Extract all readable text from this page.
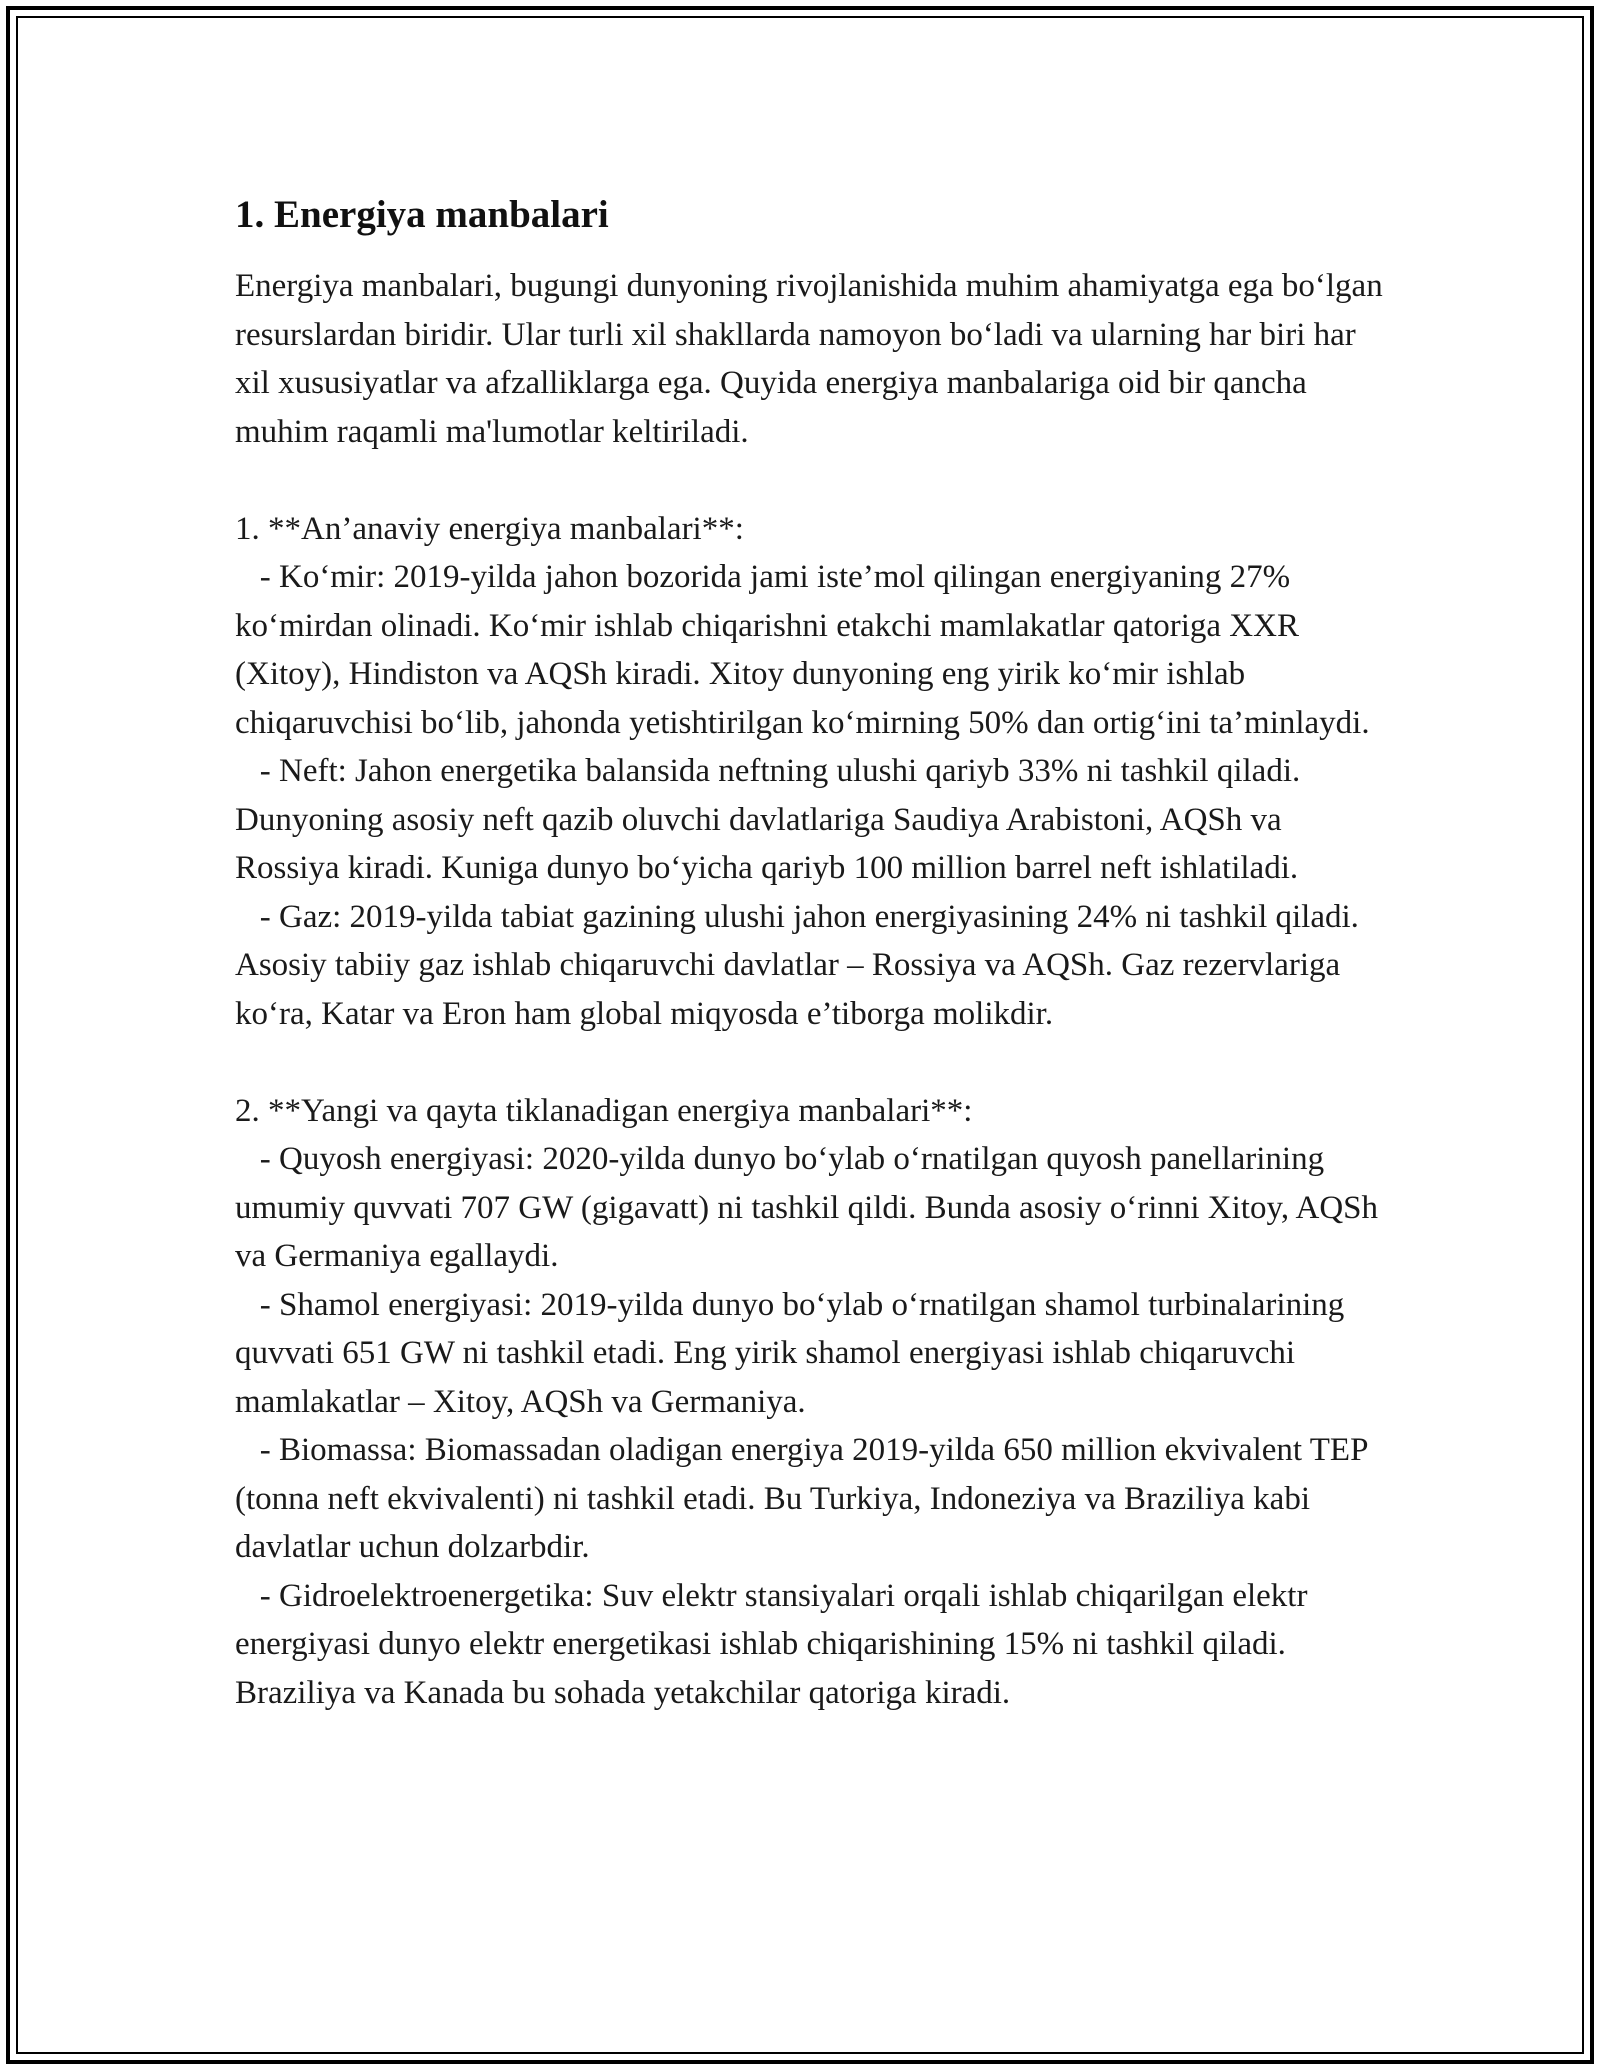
1. Energiya manbalari

Energiya manbalari, bugungi dunyoning rivojlanishida muhim ahamiyatga ega bo‘lgan resurslardan biridir. Ular turli xil shakllarda namoyon bo‘ladi va ularning har biri har xil xususiyatlar va afzalliklarga ega. Quyida energiya manbalariga oid bir qancha muhim raqamli ma'lumotlar keltiriladi.

1. **An’anaviy energiya manbalari**:

- Ko‘mir: 2019-yilda jahon bozorida jami iste’mol qilingan energiyaning 27% ko‘mirdan olinadi. Ko‘mir ishlab chiqarishni etakchi mamlakatlar qatoriga XXR (Xitoy), Hindiston va AQSh kiradi. Xitoy dunyoning eng yirik ko‘mir ishlab chiqaruvchisi bo‘lib, jahonda yetishtirilgan ko‘mirning 50% dan ortig‘ini ta’minlaydi.

- Neft: Jahon energetika balansida neftning ulushi qariyb 33% ni tashkil qiladi. Dunyoning asosiy neft qazib oluvchi davlatlariga Saudiya Arabistoni, AQSh va Rossiya kiradi. Kuniga dunyo bo‘yicha qariyb 100 million barrel neft ishlatiladi.

- Gaz: 2019-yilda tabiat gazining ulushi jahon energiyasining 24% ni tashkil qiladi. Asosiy tabiiy gaz ishlab chiqaruvchi davlatlar – Rossiya va AQSh. Gaz rezervlariga ko‘ra, Katar va Eron ham global miqyosda e’tiborga molikdir.

2. **Yangi va qayta tiklanadigan energiya manbalari**:

- Quyosh energiyasi: 2020-yilda dunyo bo‘ylab o‘rnatilgan quyosh panellarining umumiy quvvati 707 GW (gigavatt) ni tashkil qildi. Bunda asosiy o‘rinni Xitoy, AQSh va Germaniya egallaydi.

- Shamol energiyasi: 2019-yilda dunyo bo‘ylab o‘rnatilgan shamol turbinalarining quvvati 651 GW ni tashkil etadi. Eng yirik shamol energiyasi ishlab chiqaruvchi mamlakatlar – Xitoy, AQSh va Germaniya.

- Biomassa: Biomassadan oladigan energiya 2019-yilda 650 million ekvivalent TEP (tonna neft ekvivalenti) ni tashkil etadi. Bu Turkiya, Indoneziya va Braziliya kabi davlatlar uchun dolzarbdir.

- Gidroelektroenergetika: Suv elektr stansiyalari orqali ishlab chiqarilgan elektr energiyasi dunyo elektr energetikasi ishlab chiqarishining 15% ni tashkil qiladi. Braziliya va Kanada bu sohada yetakchilar qatoriga kiradi.
